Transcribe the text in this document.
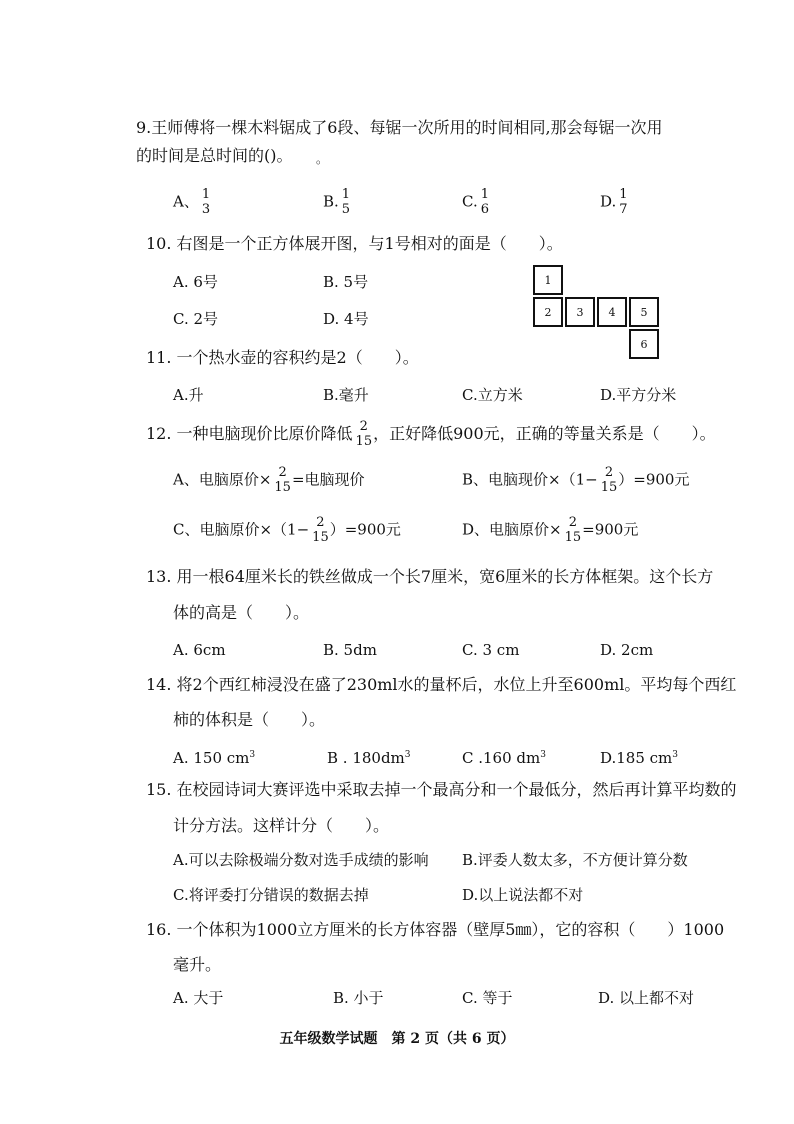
9.王师傅将一棵木料锯成了6段、每锯一次所用的时间相同,那会每锯一次用
的时间是总时间的()。 。
A、 1
3	B. 1
5	C. 1
6	D. 1
7
10. 右图是一个正方体展开图，与1号相对的面是（　　）。
A. 6号	B. 5号
C. 2号	D. 4号
1
2	3	4	5
6
11. 一个热水壶的容积约是2（　　）。
A.升	B.毫升	C.立方米	D.平方分米
12. 一种电脑现价比原价降低 2
15 ，正好降低900元，正确的等量关系是（　　）。
A、电脑原价× 2
15 =电脑现价	B、电脑现价×（1− 2
15 ）=900元
C、电脑原价×（1− 2
15 ）=900元	D、电脑原价× 2
15 =900元
13. 用一根64厘米长的铁丝做成一个长7厘米，宽6厘米的长方体框架。这个长方
体的高是（　　）。
A. 6cm	B. 5dm	C. 3 cm	D. 2cm
14. 将2个西红柿浸没在盛了230ml水的量杯后，水位上升至600ml。平均每个西红
柿的体积是（　　）。
A. 150 $cm^3$	B . $180dm^3$	C .160 $dm^3$	D.185 $cm^3$
15. 在校园诗词大赛评选中采取去掉一个最高分和一个最低分，然后再计算平均数的
计分方法。这样计分（　　）。
A.可以去除极端分数对选手成绩的影响 B.评委人数太多，不方便计算分数
C.将评委打分错误的数据去掉	D.以上说法都不对
16. 一个体积为1000立方厘米的长方体容器（壁厚5㎜），它的容积（　　）1000
毫升。
A. 大于	B. 小于	C. 等于	D. 以上都不对
五年级数学试题　第 2 页（共 6 页）
